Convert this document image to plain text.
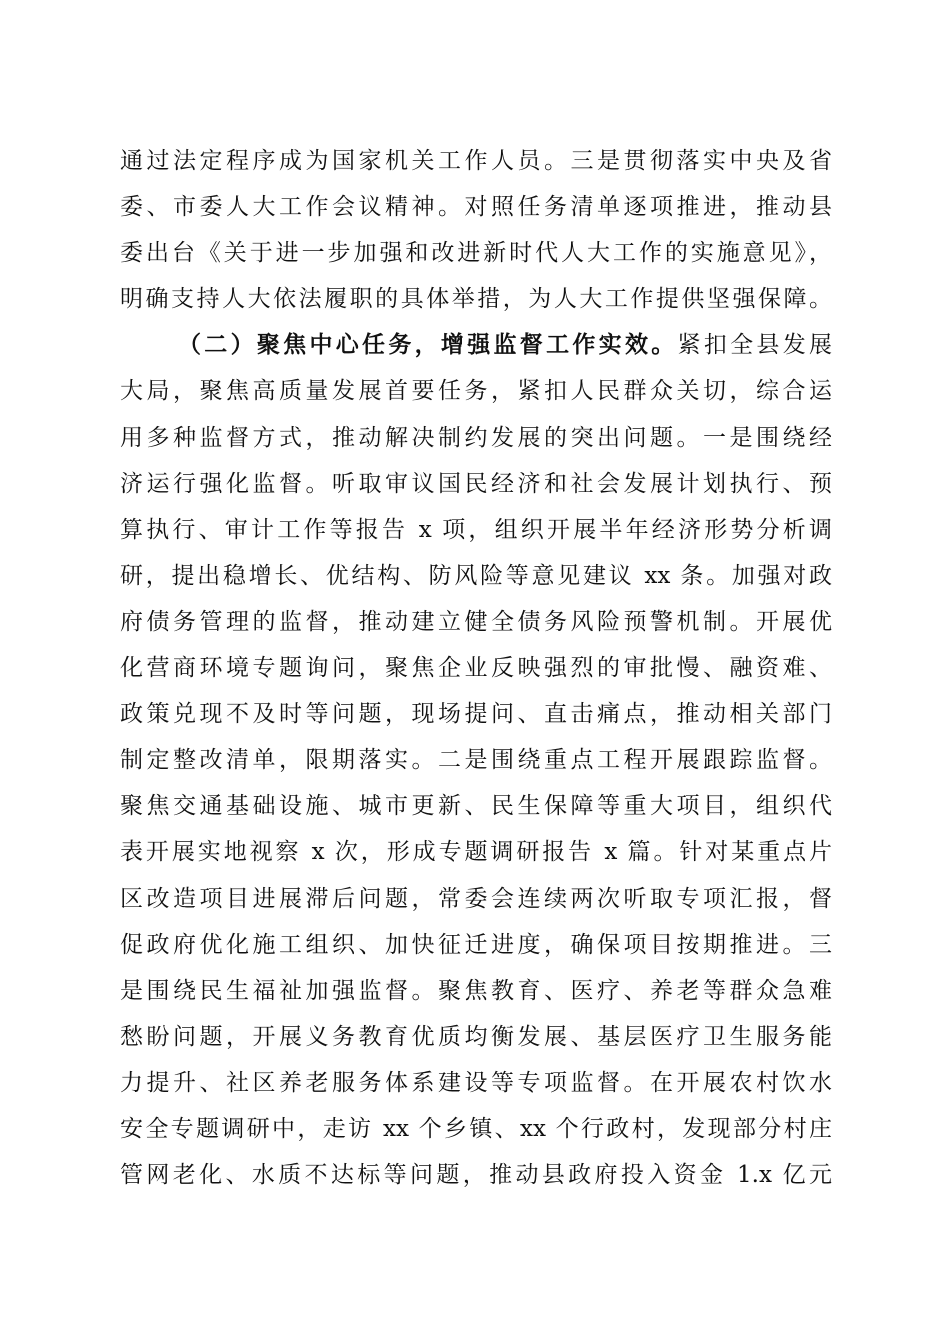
通过法定程序成为国家机关工作人员。三是贯彻落实中央及省
委、市委人大工作会议精神。对照任务清单逐项推进，推动县
委出台《关于进一步加强和改进新时代人大工作的实施意见》，
明确支持人大依法履职的具体举措，为人大工作提供坚强保障。
（二）聚焦中心任务，增强监督工作实效。紧扣全县发展
大局，聚焦高质量发展首要任务，紧扣人民群众关切，综合运
用多种监督方式，推动解决制约发展的突出问题。一是围绕经
济运行强化监督。听取审议国民经济和社会发展计划执行、预
算执行、审计工作等报告 x 项，组织开展半年经济形势分析调
研，提出稳增长、优结构、防风险等意见建议 xx 条。加强对政
府债务管理的监督，推动建立健全债务风险预警机制。开展优
化营商环境专题询问，聚焦企业反映强烈的审批慢、融资难、
政策兑现不及时等问题，现场提问、直击痛点，推动相关部门
制定整改清单，限期落实。二是围绕重点工程开展跟踪监督。
聚焦交通基础设施、城市更新、民生保障等重大项目，组织代
表开展实地视察 x 次，形成专题调研报告 x 篇。针对某重点片
区改造项目进展滞后问题，常委会连续两次听取专项汇报，督
促政府优化施工组织、加快征迁进度，确保项目按期推进。三
是围绕民生福祉加强监督。聚焦教育、医疗、养老等群众急难
愁盼问题，开展义务教育优质均衡发展、基层医疗卫生服务能
力提升、社区养老服务体系建设等专项监督。在开展农村饮水
安全专题调研中，走访 xx 个乡镇、xx 个行政村，发现部分村庄
管网老化、水质不达标等问题，推动县政府投入资金 1.x 亿元
